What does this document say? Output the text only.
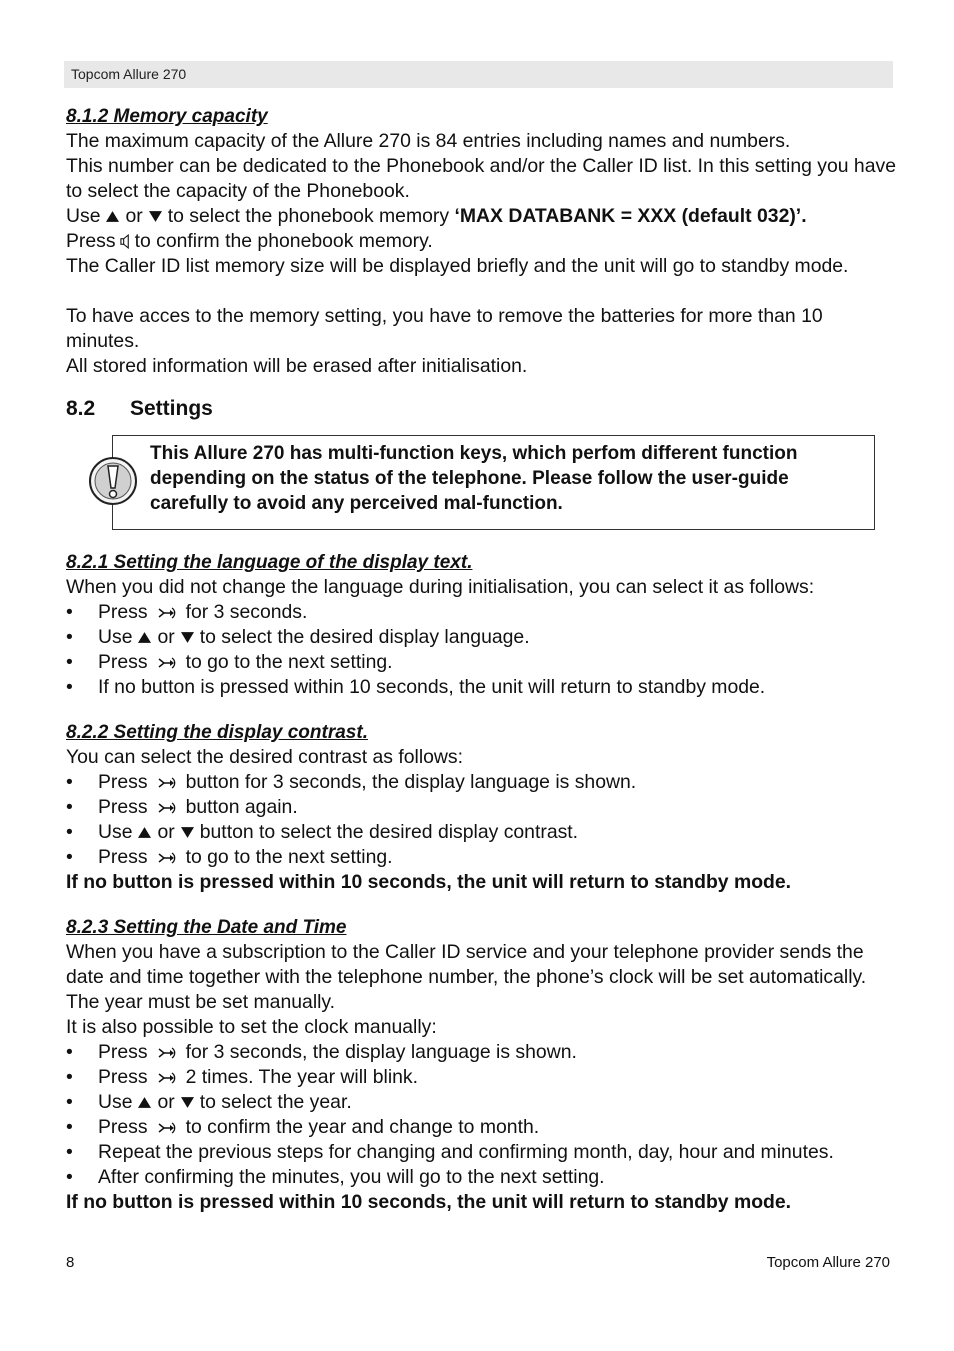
Topcom Allure 270

8.1.2 Memory capacity

The maximum capacity of the Allure 270 is 84 entries including names and numbers.

This number can be dedicated to the Phonebook and/or the Caller ID list. In this setting you have to select the capacity of the Phonebook.

Use or to select the phonebook memory ‘MAX DATABANK = XXX (default 032)’.

Press to confirm the phonebook memory.

The Caller ID list memory size will be displayed briefly and the unit will go to standby mode.

To have acces to the memory setting, you have to remove the batteries for more than 10 minutes.

All stored information will be erased after initialisation.

8.2 Settings
This Allure 270 has multi-function keys, which perfom different function depending on the status of the telephone. Please follow the user-guide carefully to avoid any perceived mal-function.

8.2.1 Setting the language of the display text.

When you did not change the language during initialisation, you can select it as follows:

• Press for 3 seconds.
• Use or to select the desired display language.
• Press to go to the next setting.
• If no button is pressed within 10 seconds, the unit will return to standby mode.

8.2.2 Setting the display contrast.

You can select the desired contrast as follows:

• Press button for 3 seconds, the display language is shown.
• Press button again.
• Use or button to select the desired display contrast.
• Press to go to the next setting.

If no button is pressed within 10 seconds, the unit will return to standby mode.

8.2.3 Setting the Date and Time

When you have a subscription to the Caller ID service and your telephone provider sends the date and time together with the telephone number, the phone’s clock will be set automatically. The year must be set manually.

It is also possible to set the clock manually:

• Press for 3 seconds, the display language is shown.
• Press 2 times. The year will blink.
• Use or to select the year.
• Press to confirm the year and change to month.
• Repeat the previous steps for changing and confirming month, day, hour and minutes.
• After confirming the minutes, you will go to the next setting.

If no button is pressed within 10 seconds, the unit will return to standby mode.

8	Topcom Allure 270
